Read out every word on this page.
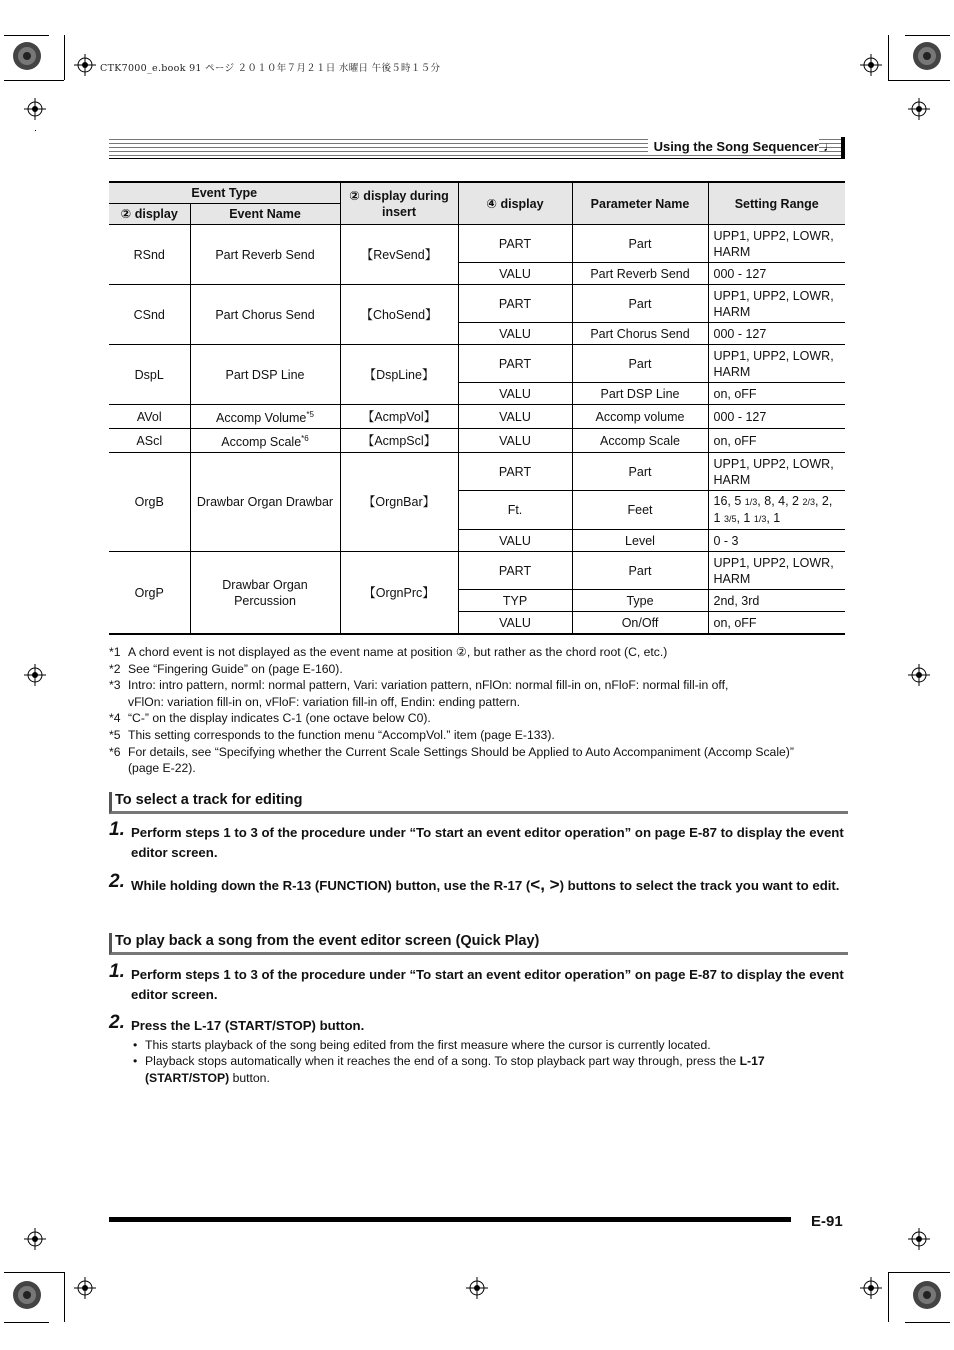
CTK7000_e.book 91 ページ ２０１０年７月２１日 水曜日 午後５時１５分
Using the Song Sequencer ♩
Event Type		② display during insert	④ display	Parameter Name	Setting Range
② display	Event Name				
RSnd	Part Reverb Send	【RevSend】	PART	Part	UPP1, UPP2, LOWR, HARM
			VALU	Part Reverb Send	000 - 127
CSnd	Part Chorus Send	【ChoSend】	PART	Part	UPP1, UPP2, LOWR, HARM
			VALU	Part Chorus Send	000 - 127
DspL	Part DSP Line	【DspLine】	PART	Part	UPP1, UPP2, LOWR, HARM
			VALU	Part DSP Line	on, oFF
AVol	Accomp Volume$^{*5}$	【AcmpVol】	VALU	Accomp volume	000 - 127
AScl	Accomp Scale$^{*6}$	【AcmpScl】	VALU	Accomp Scale	on, oFF
OrgB	Drawbar Organ Drawbar	【OrgnBar】	PART	Part	UPP1, UPP2, LOWR, HARM
			Ft.	Feet	16, 5 1/3, 8, 4, 2 2/3, 2, 1 3/5, 1 1/3, 1
			VALU	Level	0 - 3
OrgP	Drawbar Organ Percussion	【OrgnPrc】	PART	Part	UPP1, UPP2, LOWR, HARM
			TYP	Type	2nd, 3rd
			VALU	On/Off	on, oFF
*1 A chord event is not displayed as the event name at position ②, but rather as the chord root (C, etc.)
*2 See “Fingering Guide” on (page E-160).
*3 Intro: intro pattern, norml: normal pattern, Vari: variation pattern, nFlOn: normal fill-in on, nFloF: normal fill-in off,
vFlOn: variation fill-in on, vFloF: variation fill-in off, Endin: ending pattern.
*4 “C-” on the display indicates C-1 (one octave below C0).
*5 This setting corresponds to the function menu “AccompVol.” item (page E-133).
*6 For details, see “Specifying whether the Current Scale Settings Should be Applied to Auto Accompaniment (Accomp Scale)”
(page E-22).
To select a track for editing
1. Perform steps 1 to 3 of the procedure under “To start an event editor operation” on page E-87 to display the event editor screen.
2. While holding down the R-13 (FUNCTION) button, use the R-17 (<, >) buttons to select the track you want to edit.
To play back a song from the event editor screen (Quick Play)
1. Perform steps 1 to 3 of the procedure under “To start an event editor operation” on page E-87 to display the event editor screen.
2. Press the L-17 (START/STOP) button.
• This starts playback of the song being edited from the first measure where the cursor is currently located.
• Playback stops automatically when it reaches the end of a song. To stop playback part way through, press the L-17 (START/STOP) button.
E-91
